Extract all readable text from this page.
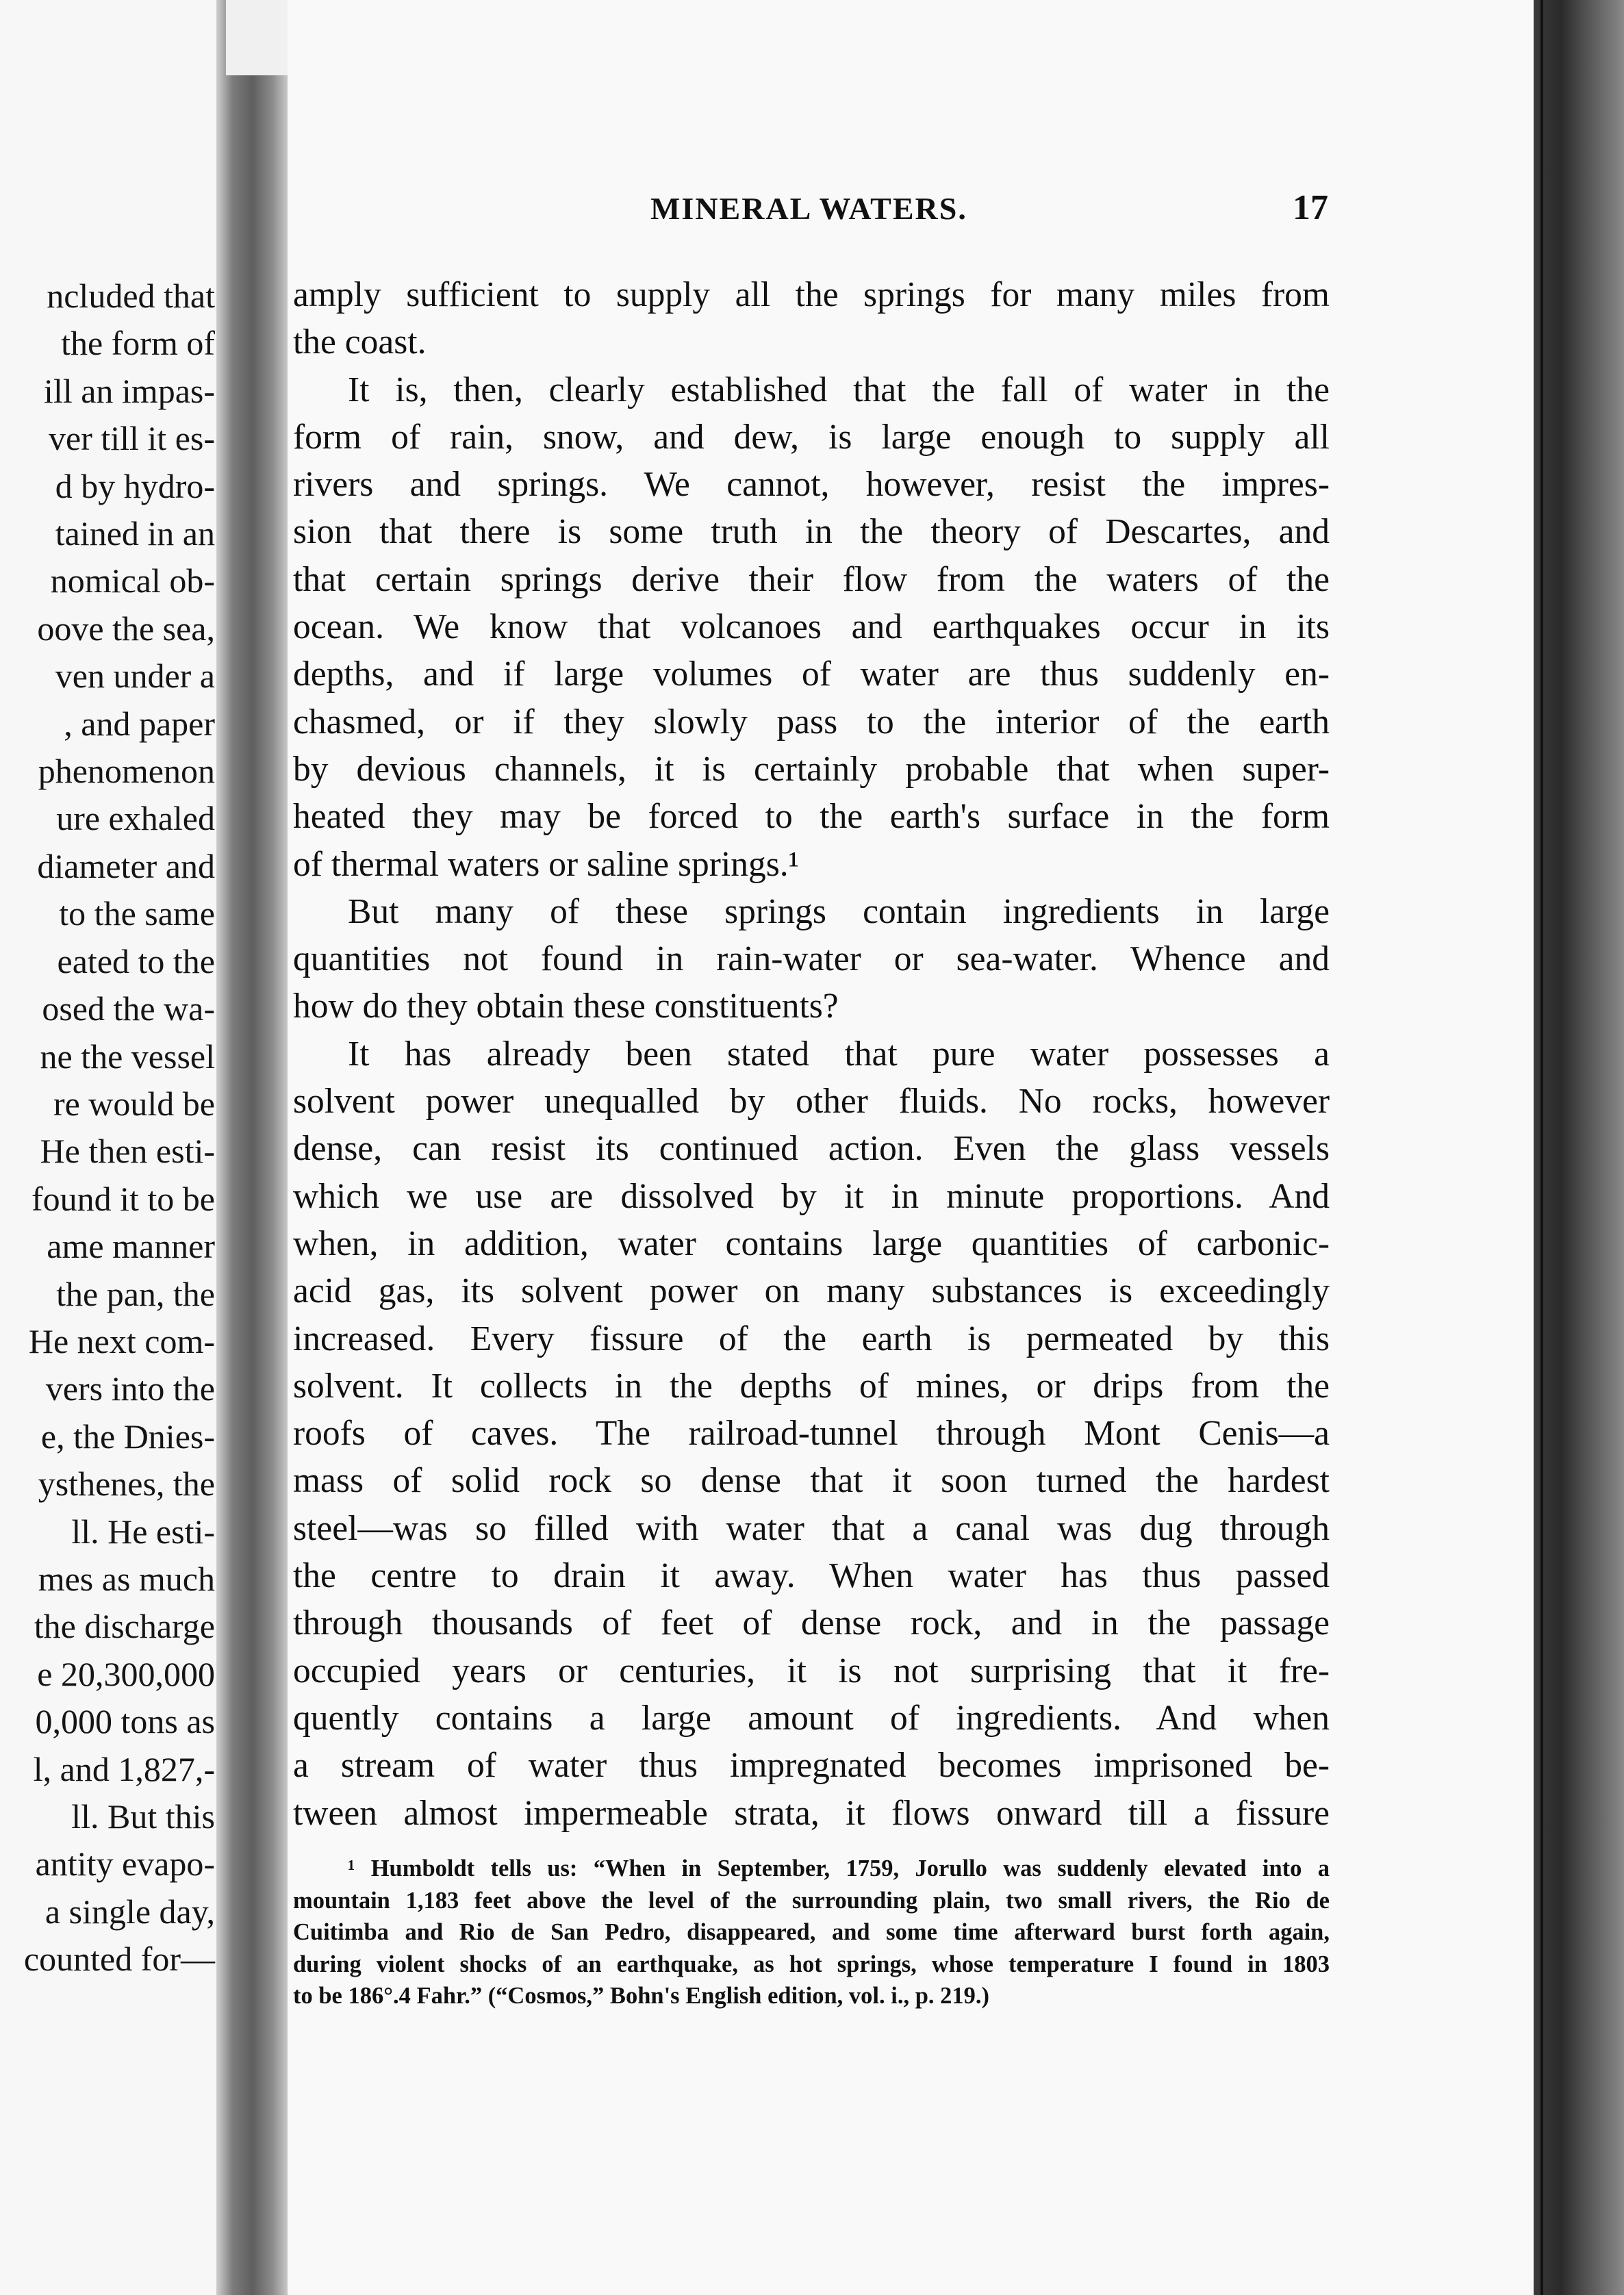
ncluded that
the form of
ill an impas-
ver till it es-
d by hydro-
tained in an
nomical ob-
oove the sea,
ven under a
, and paper
phenomenon
ure exhaled
diameter and
to the same
eated to the
osed the wa-
ne the vessel
re would be
He then esti-
found it to be
ame manner
the pan, the
He next com-
vers into the
e, the Dnies-
ysthenes, the
ll. He esti-
mes as much
the discharge
e 20,300,000
0,000 tons as
l, and 1,827,-
ll. But this
antity evapo-
a single day,
counted for—
MINERAL WATERS.	17
amply sufficient to supply all the springs for many miles from
the coast.
It is, then, clearly established that the fall of water in the
form of rain, snow, and dew, is large enough to supply all
rivers and springs. We cannot, however, resist the impres-
sion that there is some truth in the theory of Descartes, and
that certain springs derive their flow from the waters of the
ocean. We know that volcanoes and earthquakes occur in its
depths, and if large volumes of water are thus suddenly en-
chasmed, or if they slowly pass to the interior of the earth
by devious channels, it is certainly probable that when super-
heated they may be forced to the earth's surface in the form
of thermal waters or saline springs.¹
But many of these springs contain ingredients in large
quantities not found in rain-water or sea-water. Whence and
how do they obtain these constituents?
It has already been stated that pure water possesses a
solvent power unequalled by other fluids. No rocks, however
dense, can resist its continued action. Even the glass vessels
which we use are dissolved by it in minute proportions. And
when, in addition, water contains large quantities of carbonic-
acid gas, its solvent power on many substances is exceedingly
increased. Every fissure of the earth is permeated by this
solvent. It collects in the depths of mines, or drips from the
roofs of caves. The railroad-tunnel through Mont Cenis—a
mass of solid rock so dense that it soon turned the hardest
steel—was so filled with water that a canal was dug through
the centre to drain it away. When water has thus passed
through thousands of feet of dense rock, and in the passage
occupied years or centuries, it is not surprising that it fre-
quently contains a large amount of ingredients. And when
a stream of water thus impregnated becomes imprisoned be-
tween almost impermeable strata, it flows onward till a fissure
¹ Humboldt tells us: “When in September, 1759, Jorullo was suddenly elevated into a
mountain 1,183 feet above the level of the surrounding plain, two small rivers, the Rio de
Cuitimba and Rio de San Pedro, disappeared, and some time afterward burst forth again,
during violent shocks of an earthquake, as hot springs, whose temperature I found in 1803
to be 186°.4 Fahr.” (“Cosmos,” Bohn's English edition, vol. i., p. 219.)
